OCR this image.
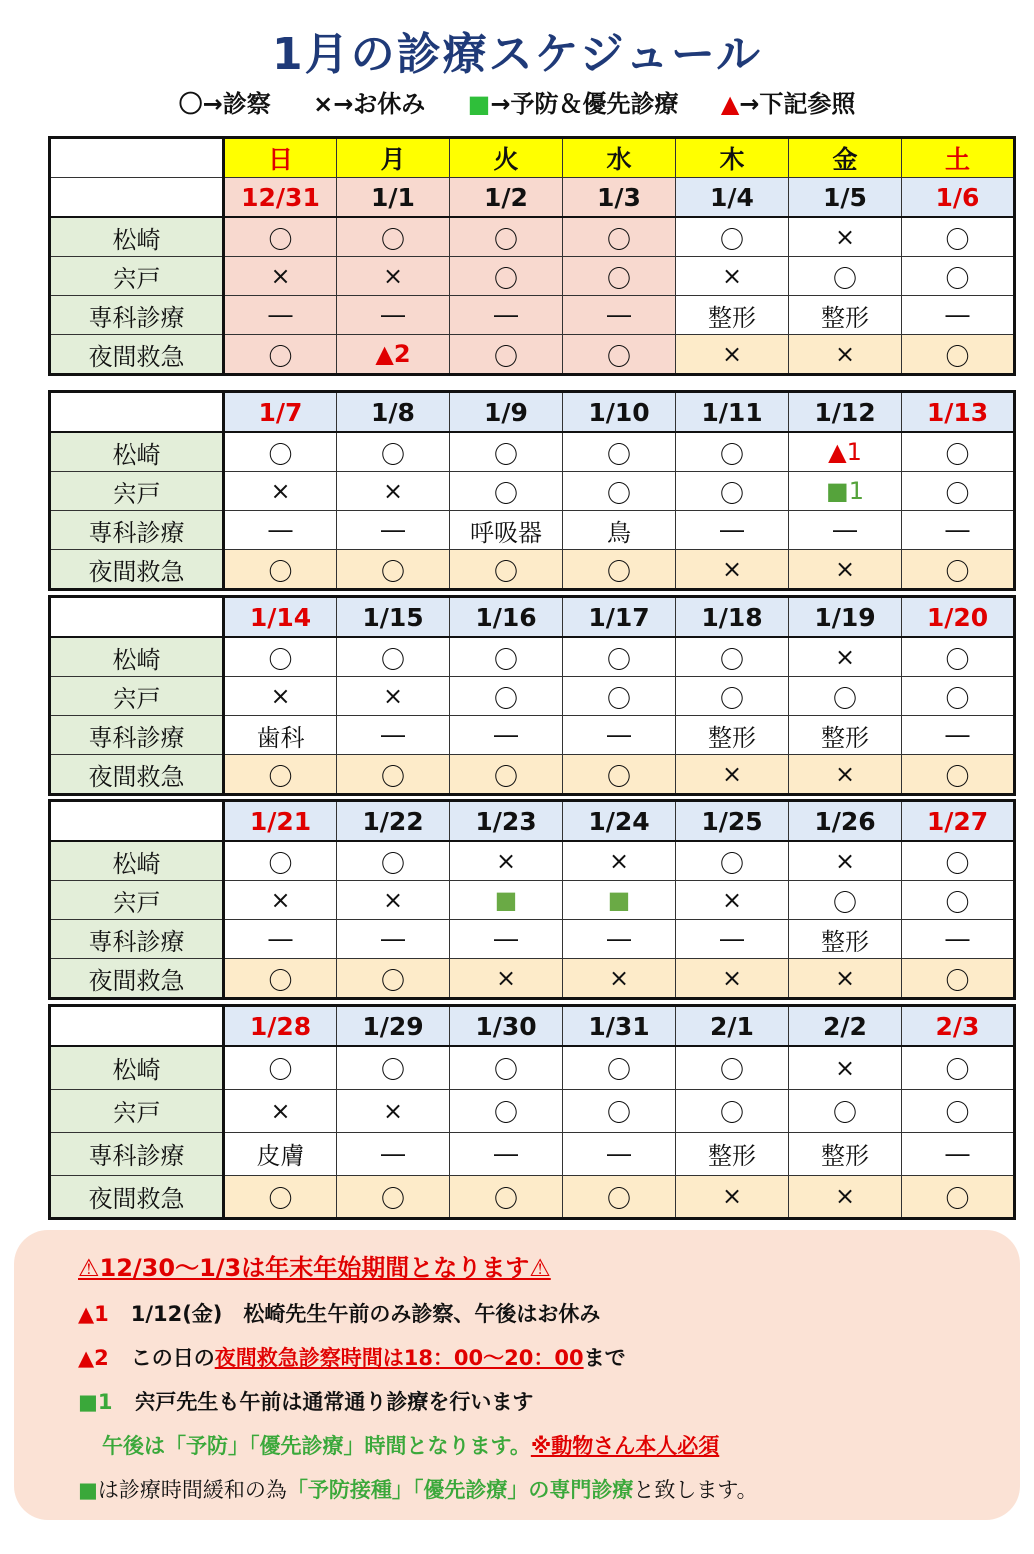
1月の診療スケジュール
〇→診察 ×→お休み ■→予防＆優先診療 ▲→下記参照
	日	月	火	水	木	金	土
	12/31	1/1	1/2	1/3	1/4	1/5	1/6
松崎	〇	〇	〇	〇	〇	×	〇
宍戸	×	×	〇	〇	×	〇	〇
専科診療	―	―	―	―	整形	整形	―
夜間救急	〇	▲2	〇	〇	×	×	〇
	1/7	1/8	1/9	1/10	1/11	1/12	1/13
松崎	〇	〇	〇	〇	〇	▲1	〇
宍戸	×	×	〇	〇	〇	■1	〇
専科診療	―	―	呼吸器	鳥	―	―	―
夜間救急	〇	〇	〇	〇	×	×	〇
	1/14	1/15	1/16	1/17	1/18	1/19	1/20
松崎	〇	〇	〇	〇	〇	×	〇
宍戸	×	×	〇	〇	〇	〇	〇
専科診療	歯科	―	―	―	整形	整形	―
夜間救急	〇	〇	〇	〇	×	×	〇
	1/21	1/22	1/23	1/24	1/25	1/26	1/27
松崎	〇	〇	×	×	〇	×	〇
宍戸	×	×	■	■	×	〇	〇
専科診療	―	―	―	―	―	整形	―
夜間救急	〇	〇	×	×	×	×	〇
	1/28	1/29	1/30	1/31	2/1	2/2	2/3
松崎	〇	〇	〇	〇	〇	×	〇
宍戸	×	×	〇	〇	〇	〇	〇
専科診療	皮膚	―	―	―	整形	整形	―
夜間救急	〇	〇	〇	〇	×	×	〇
⚠12/30～1/3は年末年始期間となります⚠
▲1 1/12(金)　松崎先生午前のみ診察、午後はお休み
▲2 この日の夜間救急診察時間は18：00～20：00まで
■1 宍戸先生も午前は通常通り診療を行います
午後は「予防」「優先診療」時間となります。※動物さん本人必須
■は診療時間緩和の為「予防接種」「優先診療」の専門診療と致します。
